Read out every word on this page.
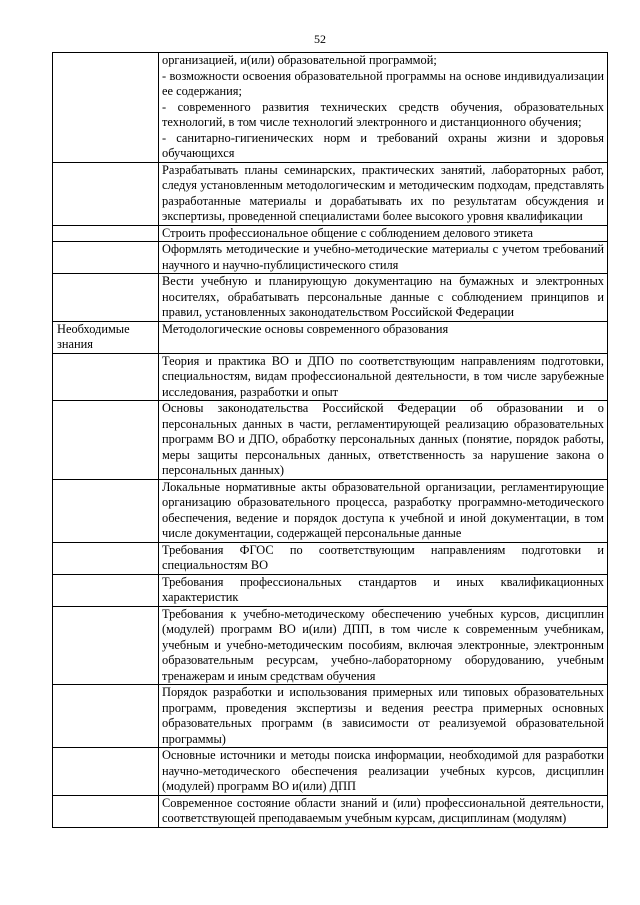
52

	организацией, и(или) образовательной программой;

- возможности освоения образовательной программы на основе индивидуализации ее содержания;

- современного развития технических средств обучения, образовательных технологий, в том числе технологий электронного и дистанционного обучения;

- санитарно-гигиенических норм и требований охраны жизни и здоровья обучающихся

	Разрабатывать планы семинарских, практических занятий, лабораторных работ, следуя установленным методологическим и методическим подходам, представлять разработанные материалы и дорабатывать их по результатам обсуждения и экспертизы, проведенной специалистами более высокого уровня квалификации

	Строить профессиональное общение с соблюдением делового этикета

	Оформлять методические и учебно-методические материалы с учетом требований научного и научно-публицистического стиля

	Вести учебную и планирующую документацию на бумажных и электронных носителях, обрабатывать персональные данные с соблюдением принципов и правил, установленных законодательством Российской Федерации

Необходимые знания	Методологические основы современного образования

	Теория и практика ВО и ДПО по соответствующим направлениям подготовки, специальностям, видам профессиональной деятельности, в том числе зарубежные исследования, разработки и опыт

	Основы законодательства Российской Федерации об образовании и о персональных данных в части, регламентирующей реализацию образовательных программ ВО и ДПО, обработку персональных данных (понятие, порядок работы, меры защиты персональных данных, ответственность за нарушение закона о персональных данных)

	Локальные нормативные акты образовательной организации, регламентирующие организацию образовательного процесса, разработку программно-методического обеспечения, ведение и порядок доступа к учебной и иной документации, в том числе документации, содержащей персональные данные

	Требования ФГОС по соответствующим направлениям подготовки и специальностям ВО

	Требования профессиональных стандартов и иных квалификационных характеристик

	Требования к учебно-методическому обеспечению учебных курсов, дисциплин (модулей) программ ВО и(или) ДПП, в том числе к современным учебникам, учебным и учебно-методическим пособиям, включая электронные, электронным образовательным ресурсам, учебно-лабораторному оборудованию, учебным тренажерам и иным средствам обучения

	Порядок разработки и использования примерных или типовых образовательных программ, проведения экспертизы и ведения реестра примерных основных образовательных программ (в зависимости от реализуемой образовательной программы)

	Основные источники и методы поиска информации, необходимой для разработки научно-методического обеспечения реализации учебных курсов, дисциплин (модулей) программ ВО и(или) ДПП

	Современное состояние области знаний и (или) профессиональной деятельности, соответствующей преподаваемым учебным курсам, дисциплинам (модулям)
